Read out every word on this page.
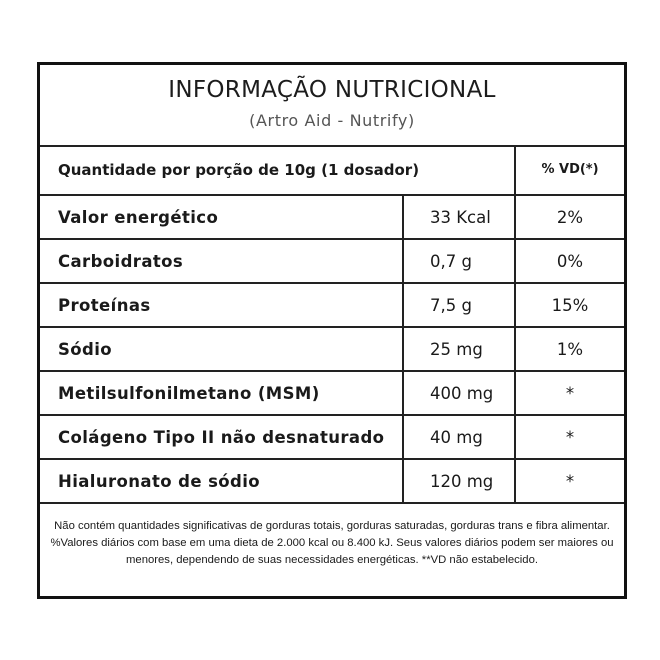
INFORMAÇÃO NUTRICIONAL
(Artro Aid - Nutrify)
Quantidade por porção de 10g (1 dosador)		% VD(*)
Valor energético	33 Kcal	2%
Carboidratos	0,7 g	0%
Proteínas	7,5 g	15%
Sódio	25 mg	1%
Metilsulfonilmetano (MSM)	400 mg	*
Colágeno Tipo II não desnaturado	40 mg	*
Hialuronato de sódio	120 mg	*
Não contém quantidades significativas de gorduras totais, gorduras saturadas, gorduras trans e fibra alimentar. %Valores diários com base em uma dieta de 2.000 kcal ou 8.400 kJ. Seus valores diários podem ser maiores ou menores, dependendo de suas necessidades energéticas. **VD não estabelecido.
